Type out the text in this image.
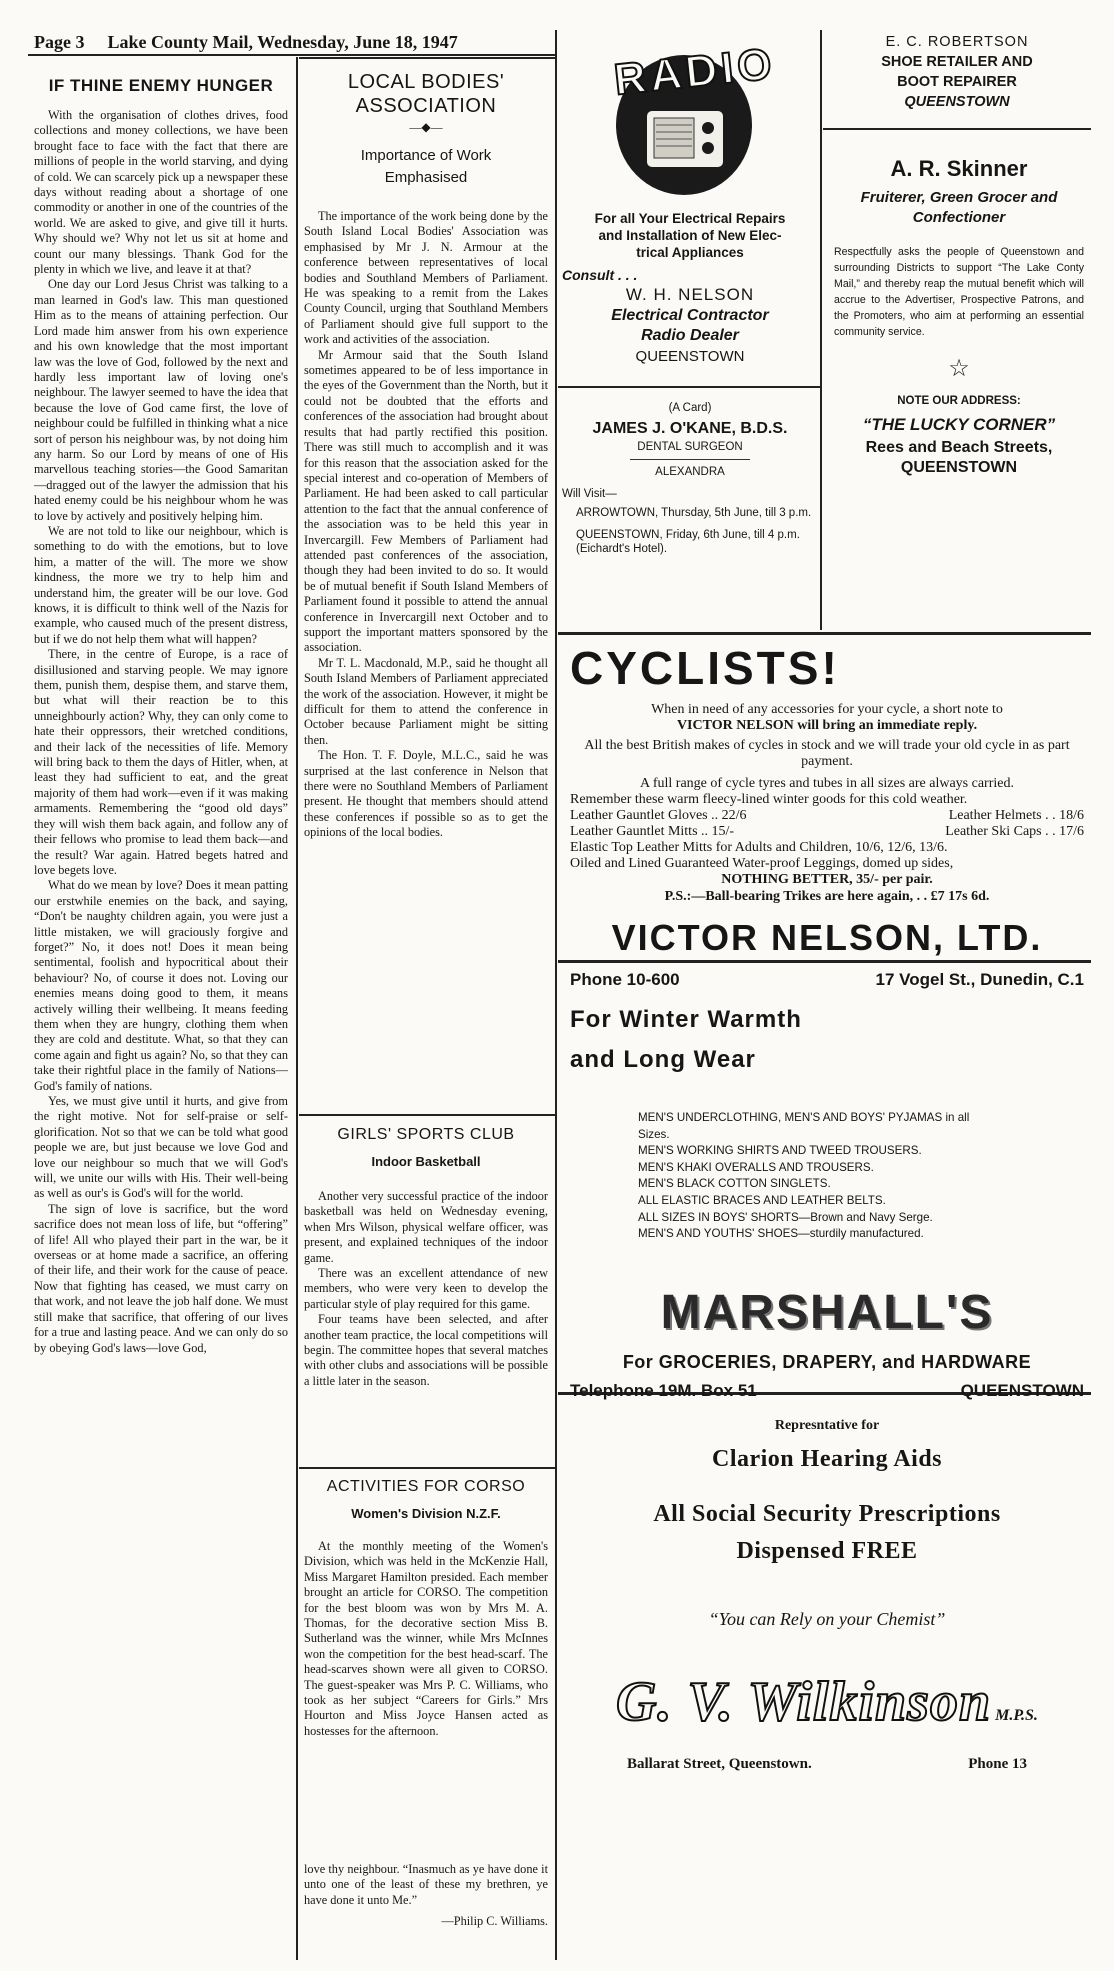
Page 3 Lake County Mail, Wednesday, June 18, 1947
IF THINE ENEMY HUNGER

With the organisation of clothes drives, food collections and money collections, we have been brought face to face with the fact that there are millions of people in the world starving, and dying of cold. We can scarcely pick up a newspaper these days without reading about a shortage of one commodity or another in one of the countries of the world. We are asked to give, and give till it hurts. Why should we? Why not let us sit at home and count our many blessings. Thank God for the plenty in which we live, and leave it at that?

One day our Lord Jesus Christ was talking to a man learned in God's law. This man questioned Him as to the means of attaining perfection. Our Lord made him answer from his own experience and his own knowledge that the most important law was the love of God, followed by the next and hardly less important law of loving one's neighbour. The lawyer seemed to have the idea that because the love of God came first, the love of neighbour could be fulfilled in thinking what a nice sort of person his neighbour was, by not doing him any harm. So our Lord by means of one of His marvellous teaching stories—the Good Samaritan—dragged out of the lawyer the admission that his hated enemy could be his neighbour whom he was to love by actively and positively helping him.

We are not told to like our neighbour, which is something to do with the emotions, but to love him, a matter of the will. The more we show kindness, the more we try to help him and understand him, the greater will be our love. God knows, it is difficult to think well of the Nazis for example, who caused much of the present distress, but if we do not help them what will happen?

There, in the centre of Europe, is a race of disillusioned and starving people. We may ignore them, punish them, despise them, and starve them, but what will their reaction be to this unneighbourly action? Why, they can only come to hate their oppressors, their wretched conditions, and their lack of the necessities of life. Memory will bring back to them the days of Hitler, when, at least they had sufficient to eat, and the great majority of them had work—even if it was making armaments. Remembering the “good old days” they will wish them back again, and follow any of their fellows who promise to lead them back—and the result? War again. Hatred begets hatred and love begets love.

What do we mean by love? Does it mean patting our erstwhile enemies on the back, and saying, “Don't be naughty children again, you were just a little mistaken, we will graciously forgive and forget?” No, it does not! Does it mean being sentimental, foolish and hypocritical about their behaviour? No, of course it does not. Loving our enemies means doing good to them, it means actively willing their wellbeing. It means feeding them when they are hungry, clothing them when they are cold and destitute. What, so that they can come again and fight us again? No, so that they can take their rightful place in the family of Nations—God's family of nations.

Yes, we must give until it hurts, and give from the right motive. Not for self-praise or self-glorification. Not so that we can be told what good people we are, but just because we love God and love our neighbour so much that we will God's will, we unite our wills with His. Their well-being as well as our's is God's will for the world.

The sign of love is sacrifice, but the word sacrifice does not mean loss of life, but “offering” of life! All who played their part in the war, be it overseas or at home made a sacrifice, an offering of their life, and their work for the cause of peace. Now that fighting has ceased, we must carry on that work, and not leave the job half done. We must still make that sacrifice, that offering of our lives for a true and lasting peace. And we can only do so by obeying God's laws—love God,

LOCAL BODIES'
ASSOCIATION
—◆—
Importance of Work
Emphasised

The importance of the work being done by the South Island Local Bodies' Association was emphasised by Mr J. N. Armour at the conference between representatives of local bodies and Southland Members of Parliament. He was speaking to a remit from the Lakes County Council, urging that Southland Members of Parliament should give full support to the work and activities of the association.

Mr Armour said that the South Island sometimes appeared to be of less importance in the eyes of the Government than the North, but it could not be doubted that the efforts and conferences of the association had brought about results that had partly rectified this position. There was still much to accomplish and it was for this reason that the association asked for the special interest and co-operation of Members of Parliament. He had been asked to call particular attention to the fact that the annual conference of the association was to be held this year in Invercargill. Few Members of Parliament had attended past conferences of the association, though they had been invited to do so. It would be of mutual benefit if South Island Members of Parliament found it possible to attend the annual conference in Invercargill next October and to support the important matters sponsored by the association.

Mr T. L. Macdonald, M.P., said he thought all South Island Members of Parliament appreciated the work of the association. However, it might be difficult for them to attend the conference in October because Parliament might be sitting then.

The Hon. T. F. Doyle, M.L.C., said he was surprised at the last conference in Nelson that there were no Southland Members of Parliament present. He thought that members should attend these conferences if possible so as to get the opinions of the local bodies.

GIRLS' SPORTS CLUB
Indoor Basketball

Another very successful practice of the indoor basketball was held on Wednesday evening, when Mrs Wilson, physical welfare officer, was present, and explained techniques of the indoor game.

There was an excellent attendance of new members, who were very keen to develop the particular style of play required for this game.

Four teams have been selected, and after another team practice, the local competitions will begin. The committee hopes that several matches with other clubs and associations will be possible a little later in the season.

ACTIVITIES FOR CORSO
Women's Division N.Z.F.

At the monthly meeting of the Women's Division, which was held in the McKenzie Hall, Miss Margaret Hamilton presided. Each member brought an article for CORSO. The competition for the best bloom was won by Mrs M. A. Thomas, for the decorative section Miss B. Sutherland was the winner, while Mrs McInnes won the competition for the best head-scarf. The head-scarves shown were all given to CORSO. The guest-speaker was Mrs P. C. Williams, who took as her subject “Careers for Girls.” Mrs Hourton and Miss Joyce Hansen acted as hostesses for the afternoon.

love thy neighbour. “Inasmuch as ye have done it unto one of the least of these my brethren, ye have done it unto Me.”

—Philip C. Williams.
RADIO
For all Your Electrical Repairs
and Installation of New Elec-
trical Appliances
Consult . . .
W. H. NELSON
Electrical Contractor
Radio Dealer
QUEENSTOWN
(A Card)
JAMES J. O'KANE, B.D.S.
DENTAL SURGEON
ALEXANDRA
Will Visit—
ARROWTOWN, Thursday, 5th June, till 3 p.m.
QUEENSTOWN, Friday, 6th June, till 4 p.m. (Eichardt's Hotel).
E. C. ROBERTSON
SHOE RETAILER AND
BOOT REPAIRER
QUEENSTOWN
A. R. Skinner
Fruiterer, Green Grocer and
Confectioner
Respectfully asks the people of Queenstown and surrounding Districts to support “The Lake Conty Mail,” and thereby reap the mutual benefit which will accrue to the Advertiser, Prospective Patrons, and the Promoters, who aim at performing an essential community service.
☆
NOTE OUR ADDRESS:
“THE LUCKY CORNER”
Rees and Beach Streets,
QUEENSTOWN
CYCLISTS!
When in need of any accessories for your cycle, a short note to
VICTOR NELSON will bring an immediate reply.
All the best British makes of cycles in stock and we will trade your old cycle in as part payment.
A full range of cycle tyres and tubes in all sizes are always carried.
Remember these warm fleecy-lined winter goods for this cold weather.
Leather Gauntlet Gloves .. 22/6	Leather Helmets . . 18/6
Leather Gauntlet Mitts .. 15/-	Leather Ski Caps . . 17/6
Elastic Top Leather Mitts for Adults and Children, 10/6, 12/6, 13/6.
Oiled and Lined Guaranteed Water-proof Leggings, domed up sides,
NOTHING BETTER, 35/- per pair.
P.S.:—Ball-bearing Trikes are here again, . . £7 17s 6d.
VICTOR NELSON, LTD.
Phone 10-600	17 Vogel St., Dunedin, C.1
For Winter Warmth
and Long Wear
MEN'S UNDERCLOTHING, MEN'S AND BOYS' PYJAMAS in all Sizes.
MEN'S WORKING SHIRTS AND TWEED TROUSERS.
MEN'S KHAKI OVERALLS AND TROUSERS.
MEN'S BLACK COTTON SINGLETS.
ALL ELASTIC BRACES AND LEATHER BELTS.
ALL SIZES IN BOYS' SHORTS—Brown and Navy Serge.
MEN'S AND YOUTHS' SHOES—sturdily manufactured.
MARSHALL'S
For GROCERIES, DRAPERY, and HARDWARE
Telephone 19M. Box 51	QUEENSTOWN
Represntative for
Clarion Hearing Aids
All Social Security Prescriptions
Dispensed FREE
“You can Rely on your Chemist”
G. V. Wilkinson M.P.S.
Ballarat Street, Queenstown.	Phone 13
